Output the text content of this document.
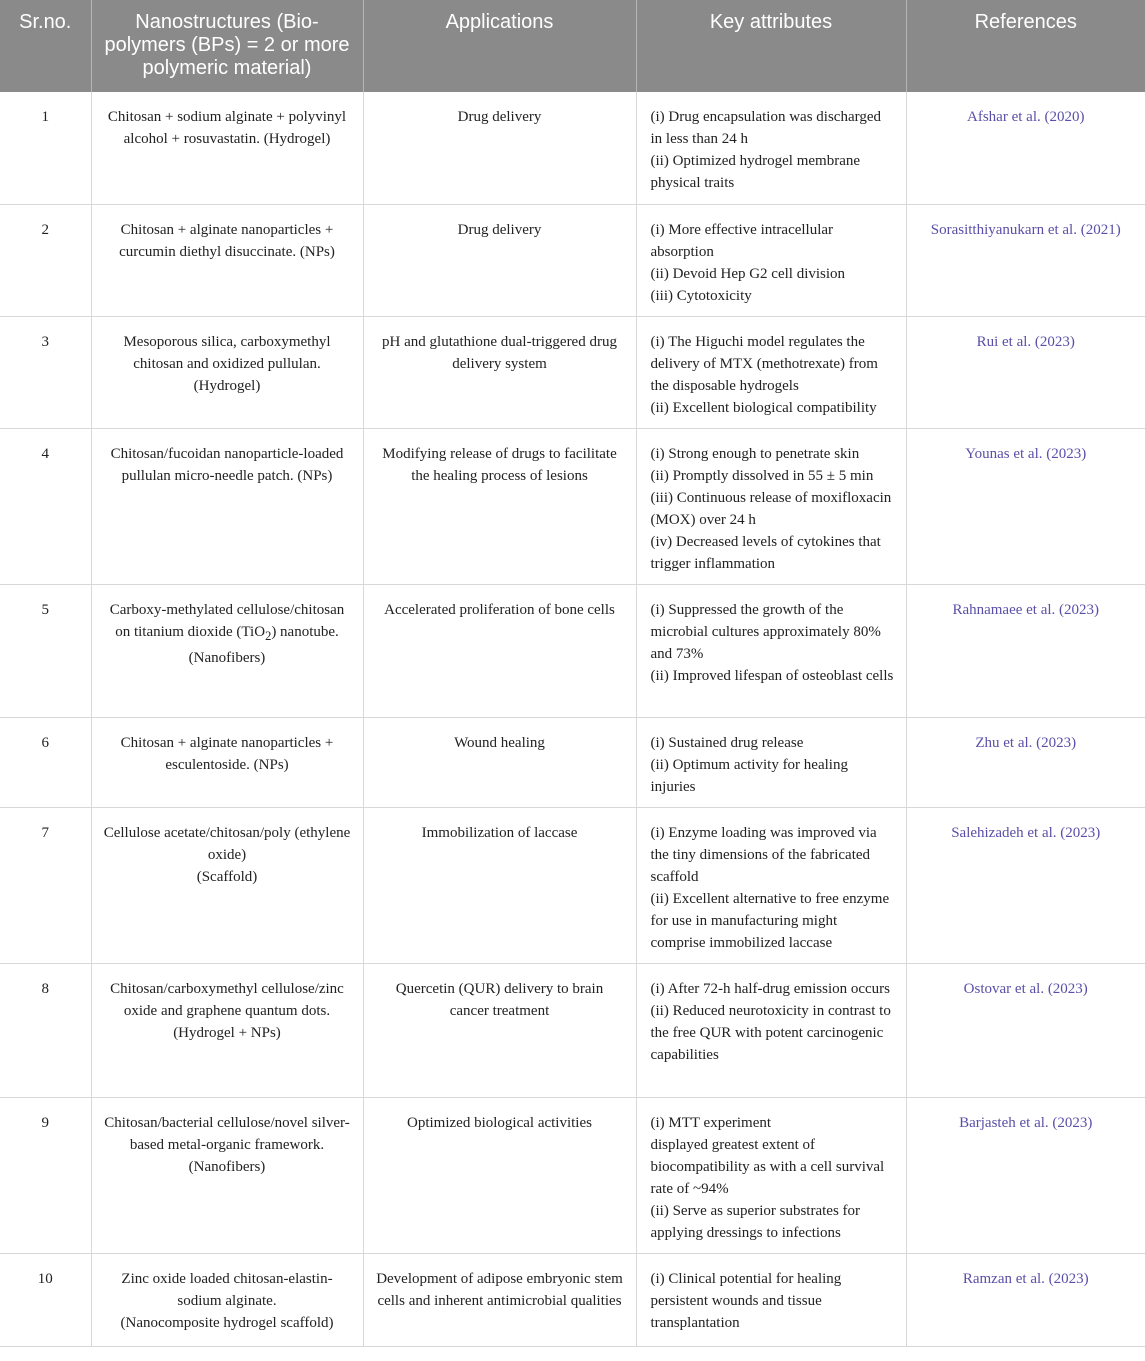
Sr.no.	Nanostructures (Bio-polymers (BPs) = 2 or more polymeric material)	Applications	Key attributes	References
1	Chitosan + sodium alginate + polyvinyl alcohol + rosuvastatin. (Hydrogel)	Drug delivery	(i) Drug encapsulation was discharged in less than 24 h
(ii) Optimized hydrogel membrane physical traits	Afshar et al. (2020)
2	Chitosan + alginate nanoparticles + curcumin diethyl disuccinate. (NPs)	Drug delivery	(i) More effective intracellular absorption
(ii) Devoid Hep G2 cell division
(iii) Cytotoxicity	Sorasitthiyanukarn et al. (2021)
3	Mesoporous silica, carboxymethyl chitosan and oxidized pullulan. (Hydrogel)	pH and glutathione dual-triggered drug delivery system	(i) The Higuchi model regulates the delivery of MTX (methotrexate) from the disposable hydrogels
(ii) Excellent biological compatibility	Rui et al. (2023)
4	Chitosan/fucoidan nanoparticle-loaded pullulan micro-needle patch. (NPs)	Modifying release of drugs to facilitate the healing process of lesions	(i) Strong enough to penetrate skin
(ii) Promptly dissolved in 55 ± 5 min
(iii) Continuous release of moxifloxacin (MOX) over 24 h
(iv) Decreased levels of cytokines that trigger inflammation	Younas et al. (2023)
5	Carboxy-methylated cellulose/chitosan on titanium dioxide (TiO$_2$) nanotube. (Nanofibers)	Accelerated proliferation of bone cells	(i) Suppressed the growth of the microbial cultures approximately 80% and 73%
(ii) Improved lifespan of osteoblast cells	Rahnamaee et al. (2023)
6	Chitosan + alginate nanoparticles + esculentoside. (NPs)	Wound healing	(i) Sustained drug release
(ii) Optimum activity for healing injuries	Zhu et al. (2023)
7	Cellulose acetate/chitosan/poly (ethylene oxide)
(Scaffold)	Immobilization of laccase	(i) Enzyme loading was improved via the tiny dimensions of the fabricated scaffold
(ii) Excellent alternative to free enzyme for use in manufacturing might comprise immobilized laccase	Salehizadeh et al. (2023)
8	Chitosan/carboxymethyl cellulose/zinc oxide and graphene quantum dots. (Hydrogel + NPs)	Quercetin (QUR) delivery to brain cancer treatment	(i) After 72-h half-drug emission occurs
(ii) Reduced neurotoxicity in contrast to the free QUR with potent carcinogenic capabilities	Ostovar et al. (2023)
9	Chitosan/bacterial cellulose/novel silver-based metal-organic framework. (Nanofibers)	Optimized biological activities	(i) MTT experiment
displayed greatest extent of biocompatibility as with a cell survival rate of ~94%
(ii) Serve as superior substrates for applying dressings to infections	Barjasteh et al. (2023)
10	Zinc oxide loaded chitosan-elastin-sodium alginate.
(Nanocomposite hydrogel scaffold)	Development of adipose embryonic stem cells and inherent antimicrobial qualities	(i) Clinical potential for healing persistent wounds and tissue transplantation	Ramzan et al. (2023)
